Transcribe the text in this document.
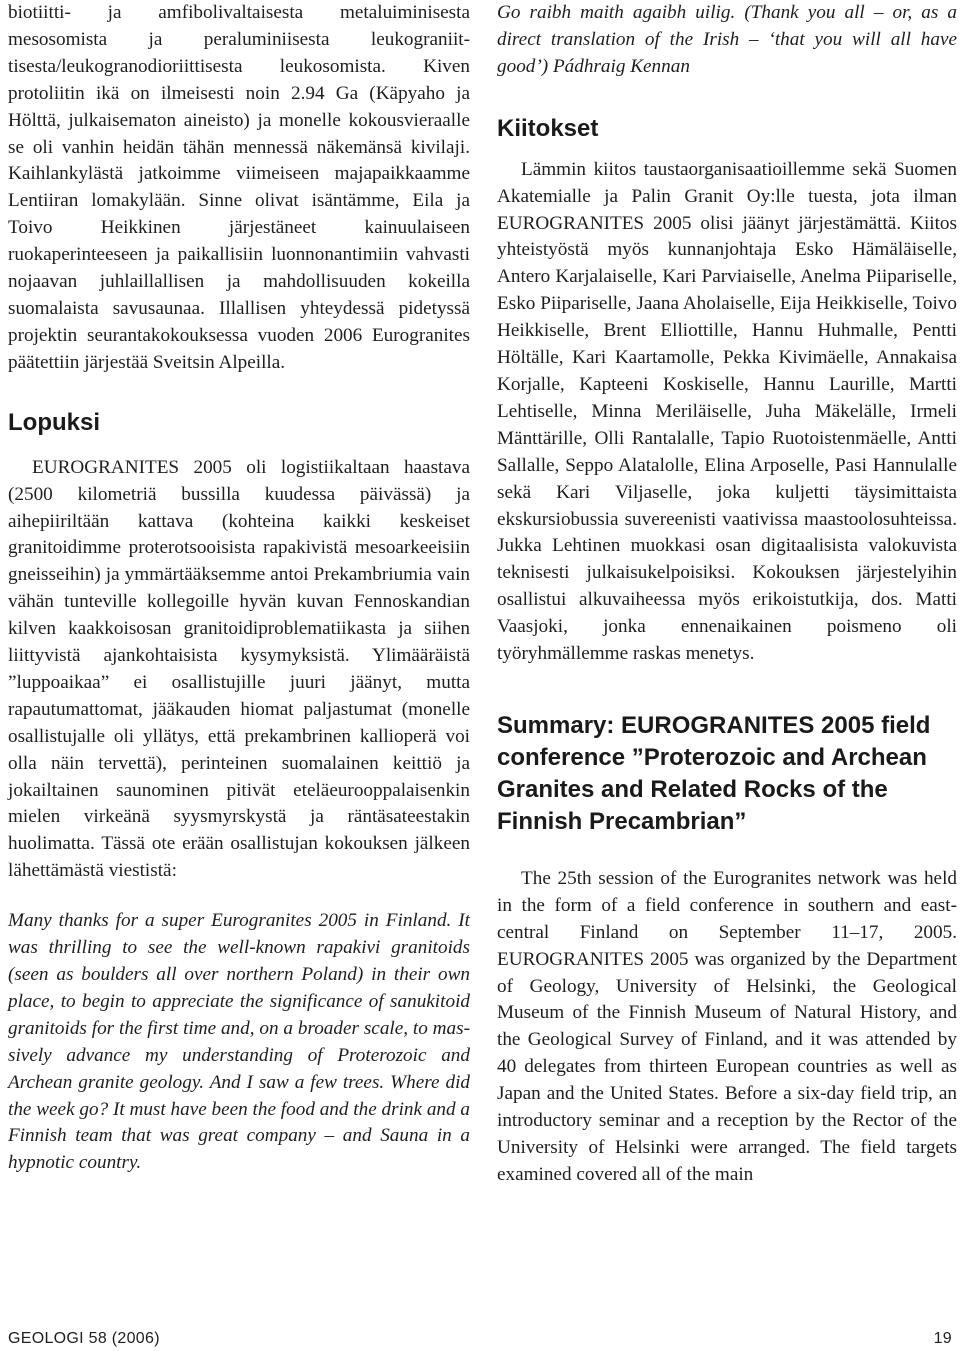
biotiitti- ja amfibolivaltaisesta metaluiminisesta mesosomista ja peraluminiisesta leukograniittisesta/leukogranodioriittisesta leukosomista. Kiven protoliitin ikä on ilmeisesti noin 2.94 Ga (Käpyaho ja Hölttä, julkaisematon aineisto) ja monelle kokousvieraalle se oli vanhin heidän tähän mennessä näkemänsä kivilaji. Kaihlankylästä jatkoimme viimeiseen majapaikkaamme Lentiiran lomakylään. Sinne olivat isäntämme, Eila ja Toivo Heikkinen järjestäneet kainuulaiseen ruokaperinteeseen ja paikallisiin luonnonantimiin vahvasti nojaavan juhlaillallisen ja mahdollisuuden kokeilla suomalaista savusaunaa. Illallisen yhteydessä pidetyssä projektin seurantakokouksessa vuoden 2006 Eurogranites päätettiin järjestää Sveitsin Alpeilla.

Lopuksi

EUROGRANITES 2005 oli logistiikaltaan haastava (2500 kilometriä bussilla kuudessa päivässä) ja aihepiiriltään kattava (kohteina kaikki keskeiset granitoidimme proterotsooisista rapakivistä mesoarkeeisiin gneisseihin) ja ymmärtääksemme antoi Prekambriumia vain vähän tunteville kollegoille hyvän kuvan Fennoskandian kilven kaakkoisosan granitoidiproblematiikasta ja siihen liittyvistä ajankohtaisista kysymyksistä. Ylimääräistä ”luppoaikaa” ei osallistujille juuri jäänyt, mutta rapautumattomat, jääkauden hiomat paljastumat (monelle osallistujalle oli yllätys, että prekambrinen kallioperä voi olla näin tervettä), perinteinen suomalainen keittiö ja jokailtainen saunominen pitivät eteläeurooppalaisenkin mielen virkeänä syysmyrskystä ja räntäsateestakin huolimatta. Tässä ote erään osallistujan kokouksen jälkeen lähettämästä viestistä:

Many thanks for a super Eurogranites 2005 in Finland. It was thrilling to see the well-known rapakivi granitoids (seen as boulders all over northern Poland) in their own place, to begin to appreciate the significance of sanukitoid granitoids for the first time and, on a broader scale, to massively advance my understanding of Proterozoic and Archean granite geology. And I saw a few trees. Where did the week go? It must have been the food and the drink and a Finnish team that was great company – and Sauna in a hypnotic country.

Go raibh maith agaibh uilig. (Thank you all – or, as a direct translation of the Irish – ‘that you will all have good’) Pádhraig Kennan

Kiitokset

Lämmin kiitos taustaorganisaatioillemme sekä Suomen Akatemialle ja Palin Granit Oy:lle tuesta, jota ilman EUROGRANITES 2005 olisi jäänyt järjestämättä. Kiitos yhteistyöstä myös kunnanjohtaja Esko Hämäläiselle, Antero Karjalaiselle, Kari Parviaiselle, Anelma Piipariselle, Esko Piipariselle, Jaana Aholaiselle, Eija Heikkiselle, Toivo Heikkiselle, Brent Elliottille, Hannu Huhmalle, Pentti Höltälle, Kari Kaartamolle, Pekka Kivimäelle, Annakaisa Korjalle, Kapteeni Koskiselle, Hannu Laurille, Martti Lehtiselle, Minna Meriläiselle, Juha Mäkelälle, Irmeli Mänttärille, Olli Rantalalle, Tapio Ruotoistenmäelle, Antti Sallalle, Seppo Alatalolle, Elina Arposelle, Pasi Hannulalle sekä Kari Viljaselle, joka kuljetti täysimittaista ekskursiobussia suvereenisti vaativissa maastoolosuhteissa. Jukka Lehtinen muokkasi osan digitaalisista valokuvista teknisesti julkaisukelpoisiksi. Kokouksen järjestelyihin osallistui alkuvaiheessa myös erikoistutkija, dos. Matti Vaasjoki, jonka ennenaikainen poismeno oli työryhmällemme raskas menetys.

Summary: EUROGRANITES 2005 field conference ”Proterozoic and Archean Granites and Related Rocks of the Finnish Precambrian”

The 25th session of the Eurogranites network was held in the form of a field conference in southern and east-central Finland on September 11–17, 2005. EUROGRANITES 2005 was organized by the Department of Geology, University of Helsinki, the Geological Museum of the Finnish Museum of Natural History, and the Geological Survey of Finland, and it was attended by 40 delegates from thirteen European countries as well as Japan and the United States. Before a six-day field trip, an introductory seminar and a reception by the Rector of the University of Helsinki were arranged. The field targets examined covered all of the main

GEOLOGI 58 (2006)	19
